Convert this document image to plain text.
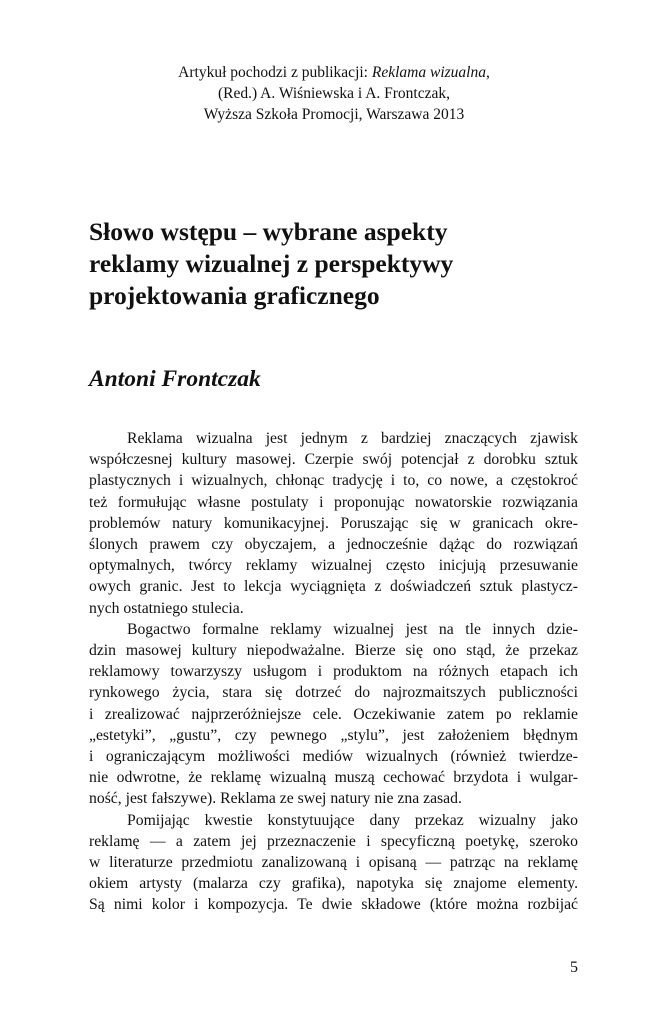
Artykuł pochodzi z publikacji: Reklama wizualna,
(Red.) A. Wiśniewska i A. Frontczak,
Wyższa Szkoła Promocji, Warszawa 2013
Słowo wstępu – wybrane aspekty
reklamy wizualnej z perspektywy
projektowania graficznego
Antoni Frontczak
Reklama wizualna jest jednym z bardziej znaczących zjawisk
współczesnej kultury masowej. Czerpie swój potencjał z dorobku sztuk
plastycznych i wizualnych, chłonąc tradycję i to, co nowe, a częstokroć
też formułując własne postulaty i proponując nowatorskie rozwiązania
problemów natury komunikacyjnej. Poruszając się w granicach okre-
ślonych prawem czy obyczajem, a jednocześnie dążąc do rozwiązań
optymalnych, twórcy reklamy wizualnej często inicjują przesuwanie
owych granic. Jest to lekcja wyciągnięta z doświadczeń sztuk plastycz-
nych ostatniego stulecia.
Bogactwo formalne reklamy wizualnej jest na tle innych dzie-
dzin masowej kultury niepodważalne. Bierze się ono stąd, że przekaz
reklamowy towarzyszy usługom i produktom na różnych etapach ich
rynkowego życia, stara się dotrzeć do najrozmaitszych publiczności
i zrealizować najprzeróżniejsze cele. Oczekiwanie zatem po reklamie
„estetyki”, „gustu”, czy pewnego „stylu”, jest założeniem błędnym
i ograniczającym możliwości mediów wizualnych (również twierdze-
nie odwrotne, że reklamę wizualną muszą cechować brzydota i wulgar-
ność, jest fałszywe). Reklama ze swej natury nie zna zasad.
Pomijając kwestie konstytuujące dany przekaz wizualny jako
reklamę — a zatem jej przeznaczenie i specyficzną poetykę, szeroko
w literaturze przedmiotu zanalizowaną i opisaną — patrząc na reklamę
okiem artysty (malarza czy grafika), napotyka się znajome elementy.
Są nimi kolor i kompozycja. Te dwie składowe (które można rozbijać
5
